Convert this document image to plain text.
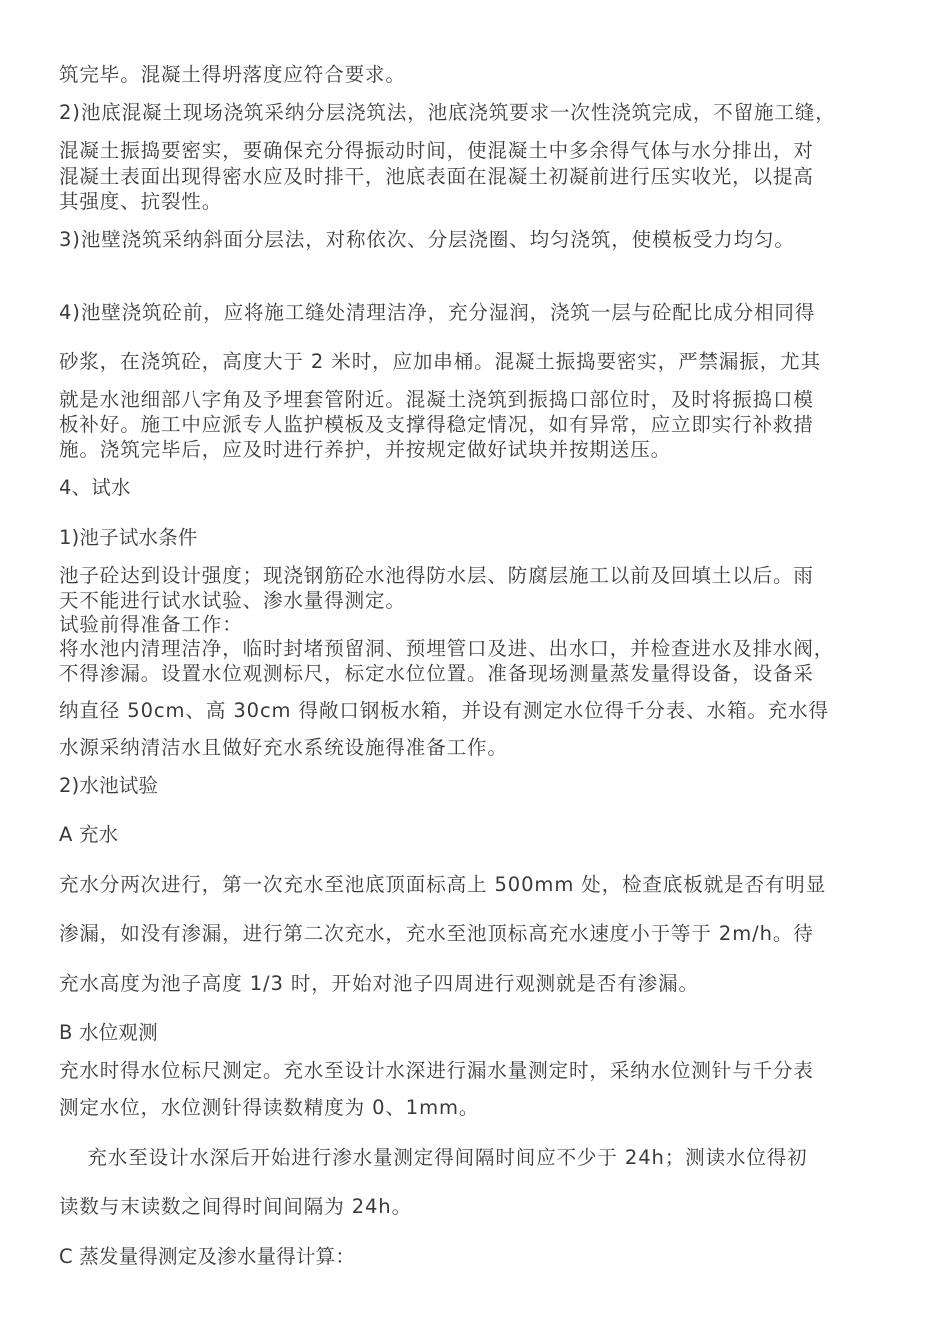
筑完毕。混凝土得坍落度应符合要求。
2)池底混凝土现场浇筑采纳分层浇筑法，池底浇筑要求一次性浇筑完成，不留施工缝，
混凝土振捣要密实，要确保充分得振动时间，使混凝土中多余得气体与水分排出，对
混凝土表面出现得密水应及时排干，池底表面在混凝土初凝前进行压实收光，以提高
其强度、抗裂性。
3)池壁浇筑采纳斜面分层法，对称依次、分层浇圈、均匀浇筑，使模板受力均匀。
4)池壁浇筑砼前，应将施工缝处清理洁净，充分湿润，浇筑一层与砼配比成分相同得
砂浆，在浇筑砼，高度大于 2 米时，应加串桶。混凝土振捣要密实，严禁漏振，尤其
就是水池细部八字角及予埋套管附近。混凝土浇筑到振捣口部位时，及时将振捣口模
板补好。施工中应派专人监护模板及支撑得稳定情况，如有异常，应立即实行补救措
施。浇筑完毕后，应及时进行养护，并按规定做好试块并按期送压。
4、试水
1)池子试水条件
池子砼达到设计强度；现浇钢筋砼水池得防水层、防腐层施工以前及回填土以后。雨
天不能进行试水试验、渗水量得测定。
试验前得准备工作：
将水池内清理洁净，临时封堵预留洞、预埋管口及进、出水口，并检查进水及排水阀，
不得渗漏。设置水位观测标尺，标定水位位置。准备现场测量蒸发量得设备，设备采
纳直径 50cm、高 30cm 得敞口钢板水箱，并设有测定水位得千分表、水箱。充水得
水源采纳清洁水且做好充水系统设施得准备工作。
2)水池试验
A 充水
充水分两次进行，第一次充水至池底顶面标高上 500mm 处，检查底板就是否有明显
渗漏，如没有渗漏，进行第二次充水，充水至池顶标高充水速度小于等于 2m/h。待
充水高度为池子高度 1/3 时，开始对池子四周进行观测就是否有渗漏。
B 水位观测
充水时得水位标尺测定。充水至设计水深进行漏水量测定时，采纳水位测针与千分表
测定水位，水位测针得读数精度为 0、1mm。
充水至设计水深后开始进行渗水量测定得间隔时间应不少于 24h；测读水位得初
读数与末读数之间得时间间隔为 24h。
C 蒸发量得测定及渗水量得计算：
